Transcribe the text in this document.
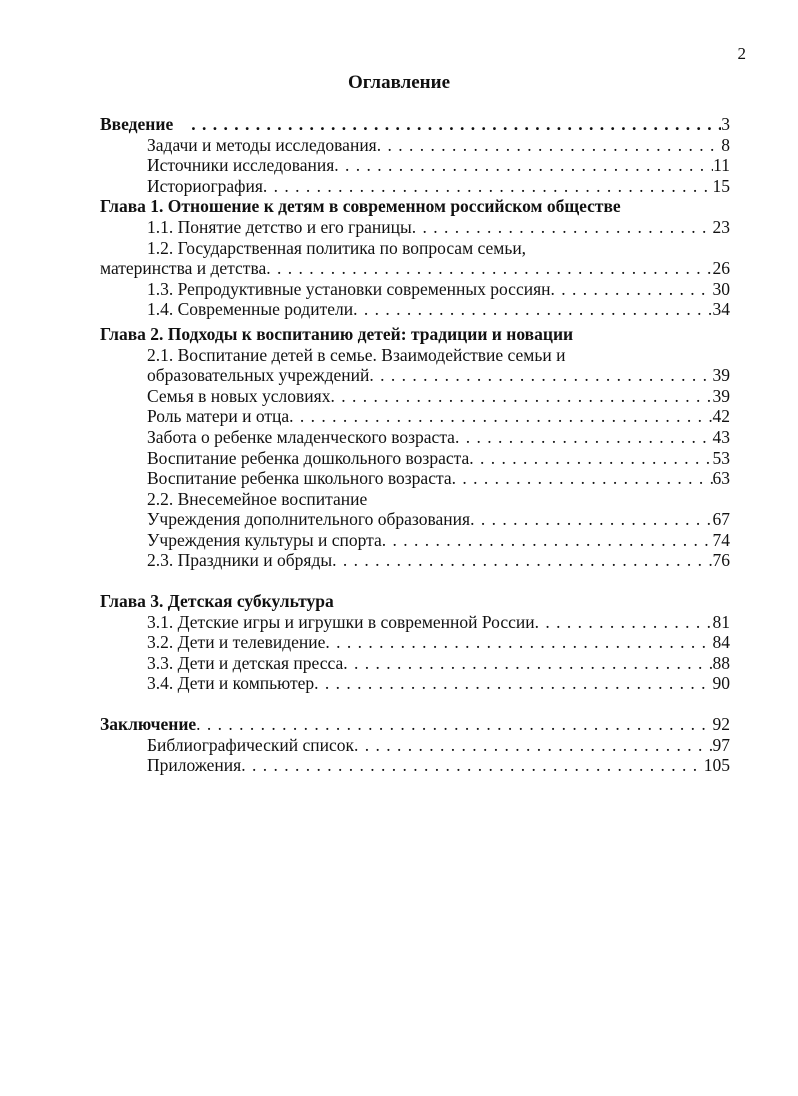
2
Оглавление
Введение . . .	3
Задачи и методы исследования . . .	8
Источники исследования . . .	11
Историография . . .	15
Глава 1. Отношение к детям в современном российском обществе
1.1. Понятие детство и его границы . . .	23
1.2. Государственная политика по вопросам семьи,
материнства и детства . . .	26
1.3. Репродуктивные установки современных россиян . . .	30
1.4. Современные родители . . .	34
Глава 2. Подходы к воспитанию детей: традиции и новации
2.1. Воспитание детей в семье. Взаимодействие семьи и
образовательных учреждений . . .	39
Семья в новых условиях . . .	39
Роль матери и отца . . .	42
Забота о ребенке младенческого возраста . . .	43
Воспитание ребенка дошкольного возраста . . .	53
Воспитание ребенка школьного возраста . . .	63
2.2. Внесемейное воспитание
Учреждения дополнительного образования . . .	67
Учреждения культуры и спорта . . .	74
2.3. Праздники и обряды . . .	76
Глава 3. Детская субкультура
3.1. Детские игры и игрушки в современной России . . .	81
3.2. Дети и телевидение . . .	84
3.3. Дети и детская пресса . . .	88
3.4. Дети и компьютер . . .	90
Заключение . . .	92
Библиографический список . . .	97
Приложения . . .	105
